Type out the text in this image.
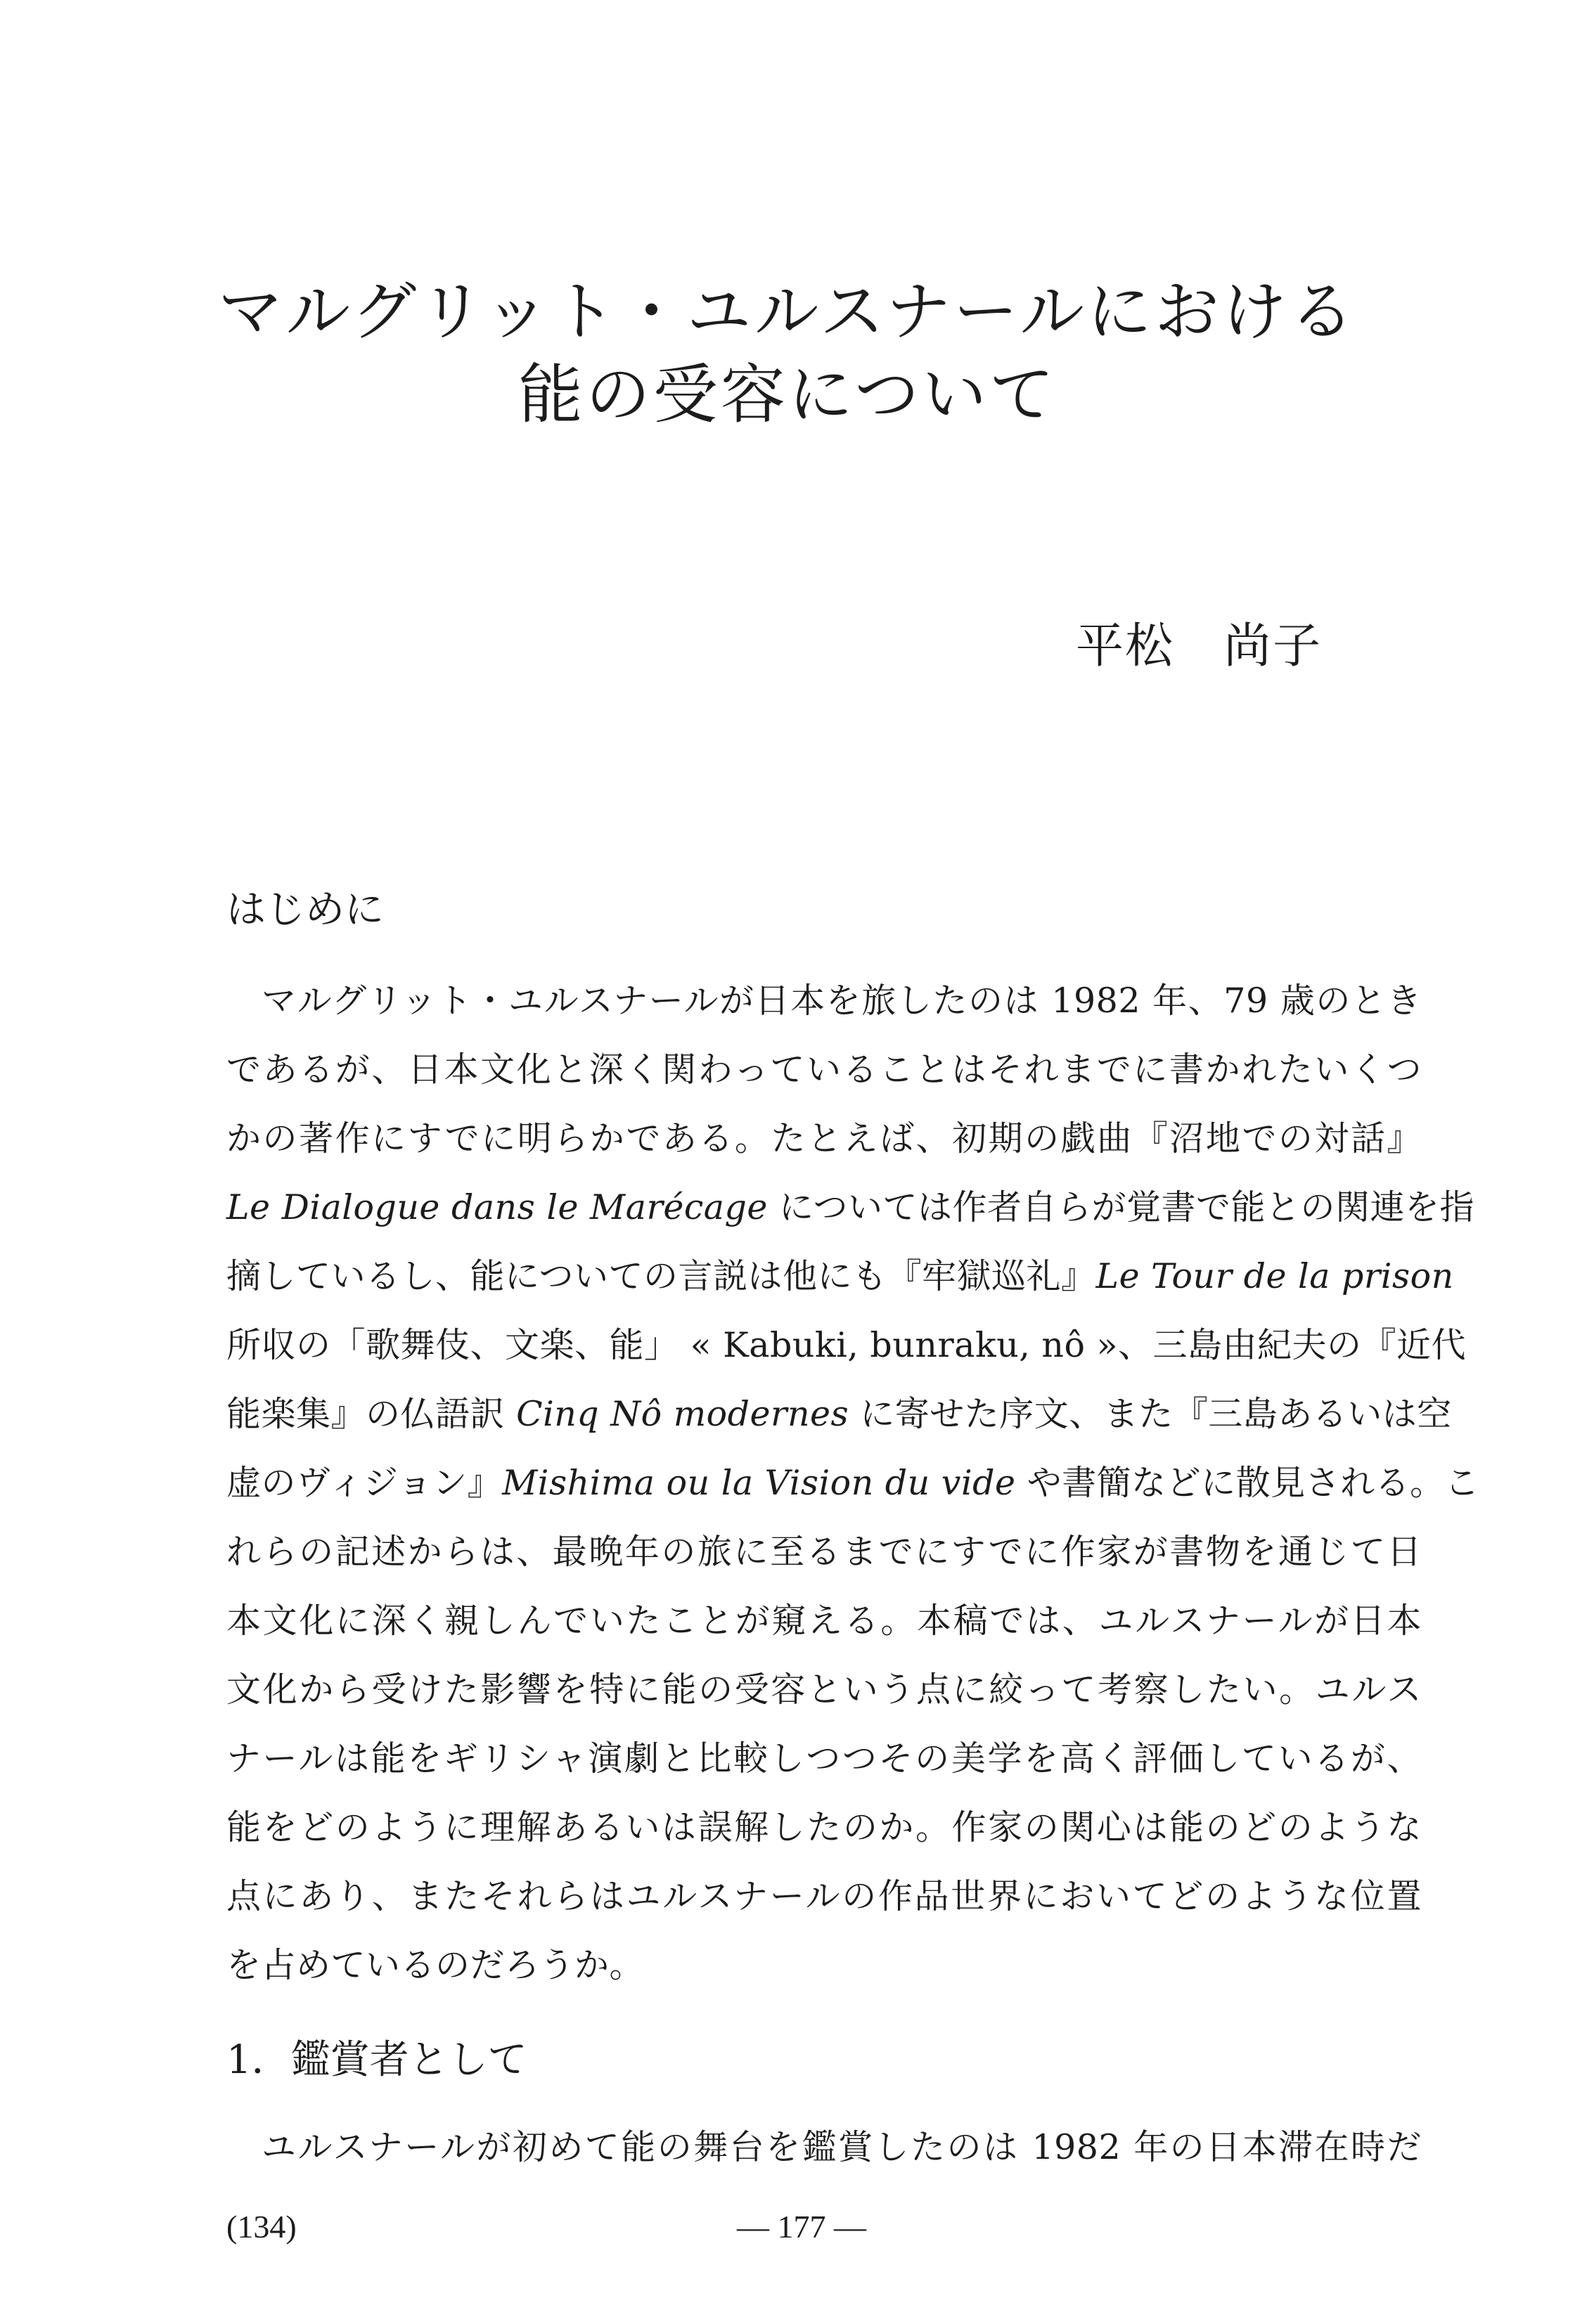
マルグリット・ユルスナールにおける
能の受容について
平松 尚子
はじめに
マルグリット・ユルスナールが日本を旅したのは 1982 年、79 歳のとき
であるが、日本文化と深く関わっていることはそれまでに書かれたいくつ
かの著作にすでに明らかである。たとえば、初期の戯曲『沼地での対話』
Le Dialogue dans le Marécage については作者自らが覚書で能との関連を指
摘しているし、能についての言説は他にも『牢獄巡礼』Le Tour de la prison
所収の「歌舞伎、文楽、能」 « Kabuki, bunraku, nô »、三島由紀夫の『近代
能楽集』の仏語訳 Cinq Nô modernes に寄せた序文、また『三島あるいは空
虚のヴィジョン』Mishima ou la Vision du vide や書簡などに散見される。こ
れらの記述からは、最晩年の旅に至るまでにすでに作家が書物を通じて日
本文化に深く親しんでいたことが窺える。本稿では、ユルスナールが日本
文化から受けた影響を特に能の受容という点に絞って考察したい。ユルス
ナールは能をギリシャ演劇と比較しつつその美学を高く評価しているが、
能をどのように理解あるいは誤解したのか。作家の関心は能のどのような
点にあり、またそれらはユルスナールの作品世界においてどのような位置
を占めているのだろうか。
1．鑑賞者として
ユルスナールが初めて能の舞台を鑑賞したのは 1982 年の日本滞在時だ
(134)	— 177 —
